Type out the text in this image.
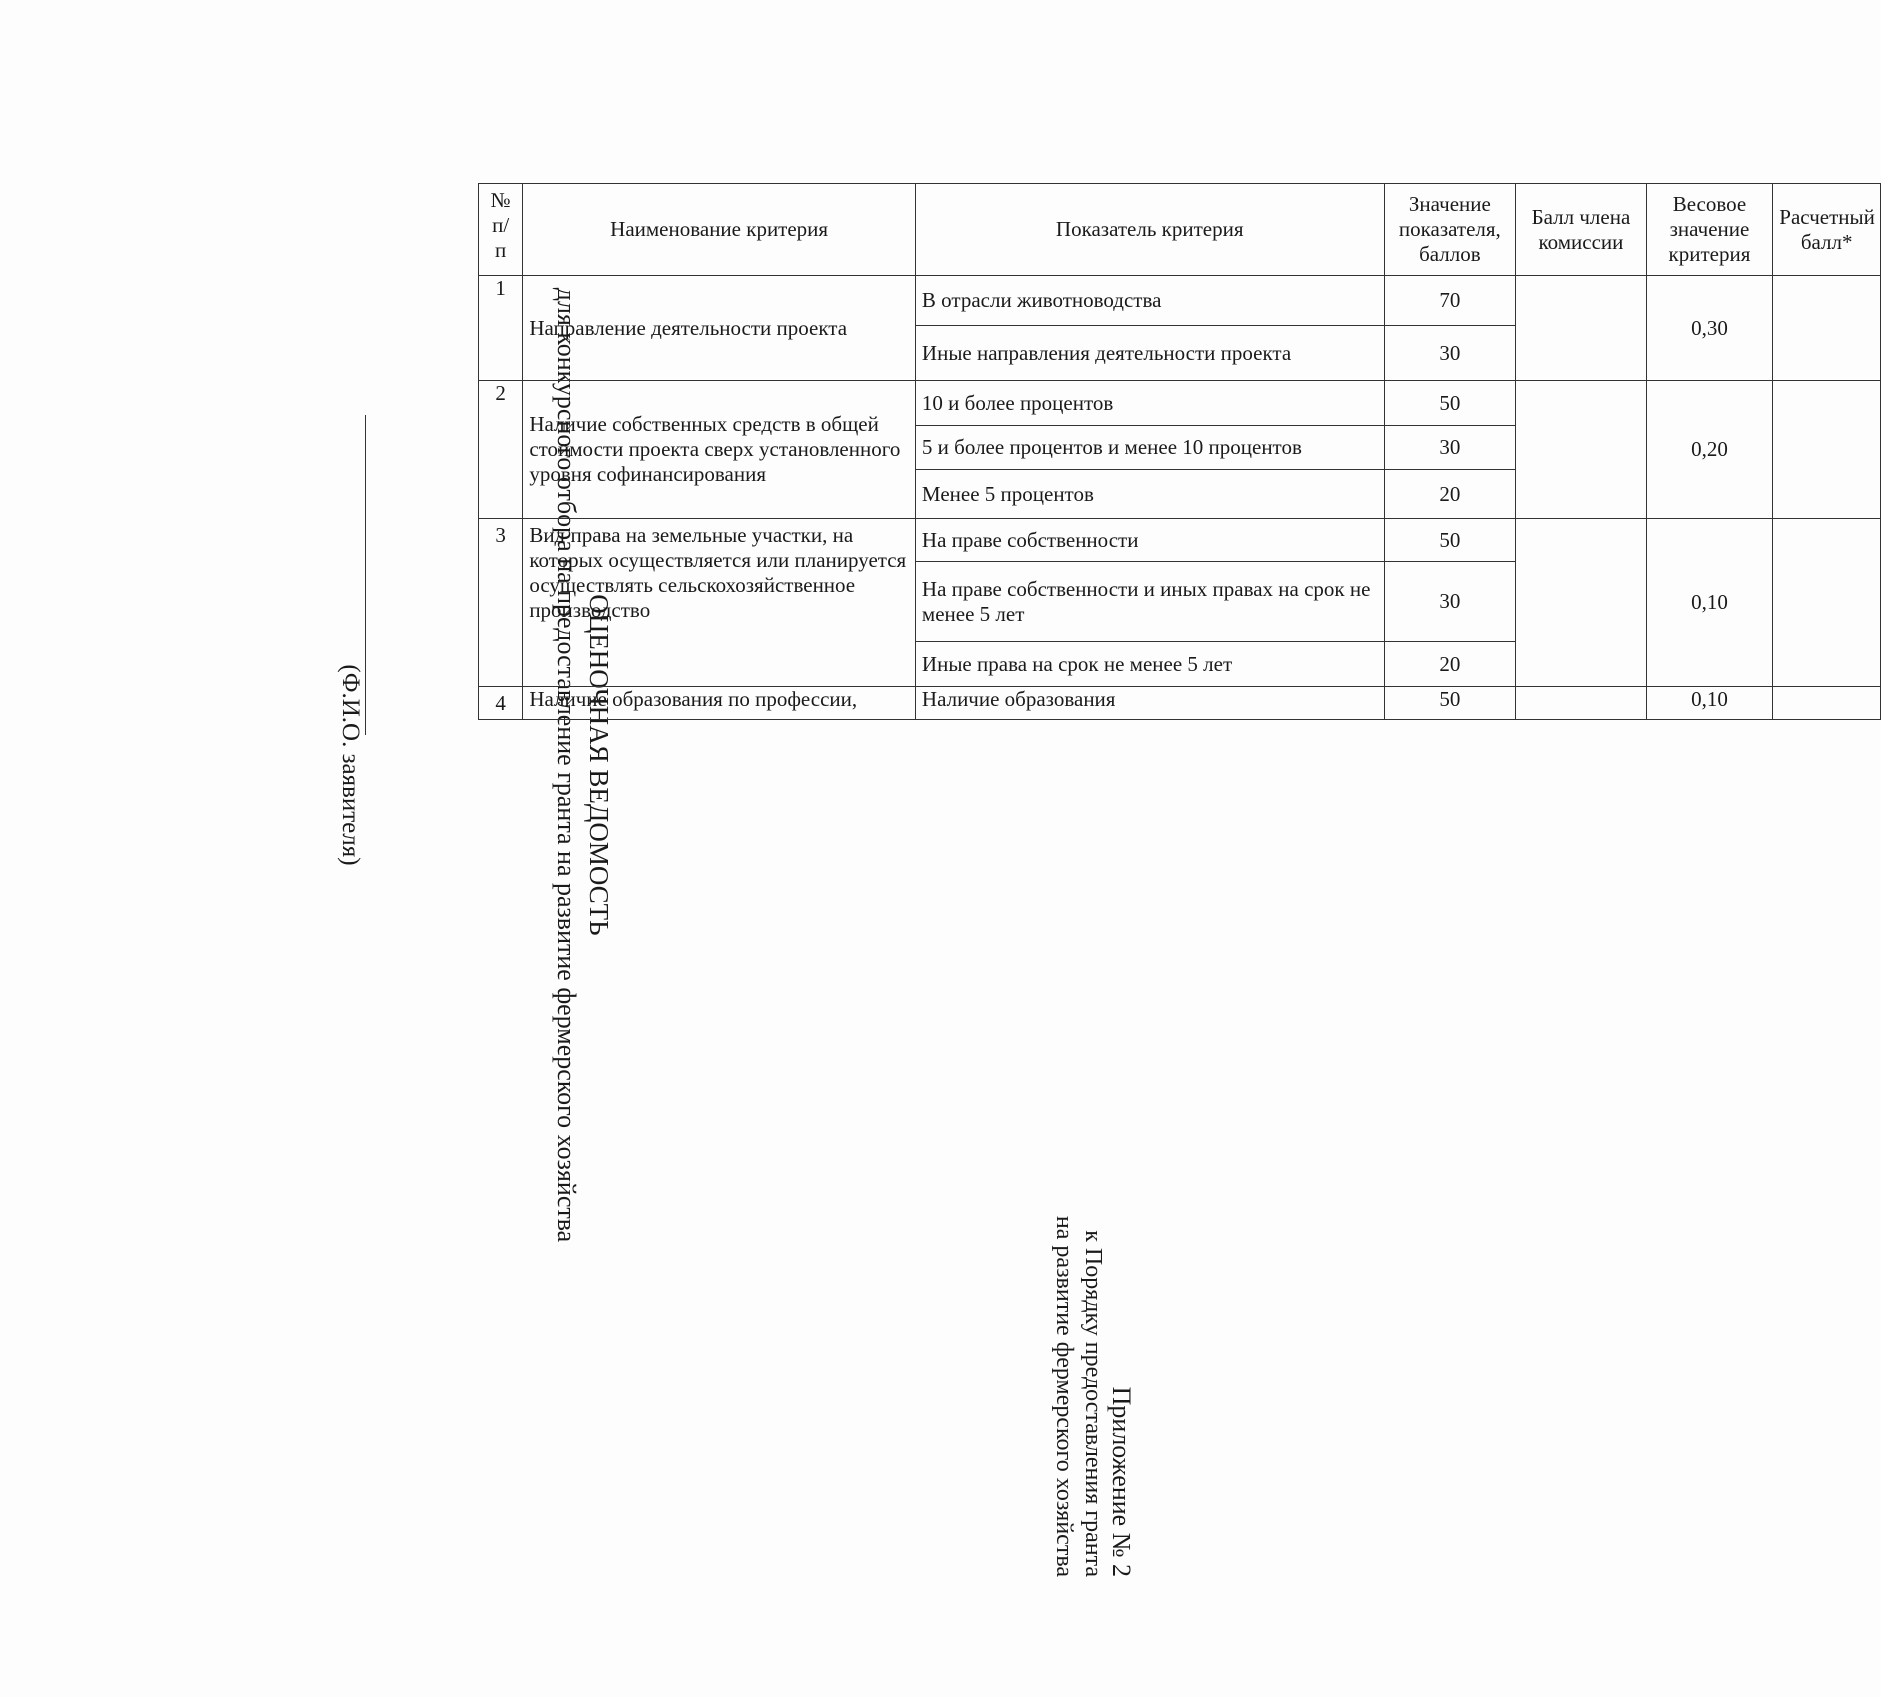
Приложение № 2
к Порядку предоставления гранта
на развитие фермерского хозяйства
ОЦЕНОЧНАЯ ВЕДОМОСТЬ
для конкурсного отбора на предоставление гранта на развитие фермерского хозяйства
(Ф.И.О. заявителя)
№ п/ п	Наименование критерия	Показатель критерия	Значение показателя, баллов	Балл члена комиссии	Весовое значение критерия	Расчетный балл*
1	Направление деятельности проекта	В отрасли животноводства	70		0,30	
		Иные направления деятельности проекта	30			
2	Наличие собственных средств в общей стоимости проекта сверх установленного уровня софинансирования	10 и более процентов	50		0,20	
		5 и более процентов и менее 10 процентов	30			
		Менее 5 процентов	20			
3	Вид права на земельные участки, на которых осуществляется или планируется осуществлять сельскохозяйственное производство	На праве собственности	50		0,10	
		На праве собственности и иных правах на срок не менее 5 лет	30			
		Иные права на срок не менее 5 лет	20			
4	Наличие образования по профессии,	Наличие образования	50		0,10	
